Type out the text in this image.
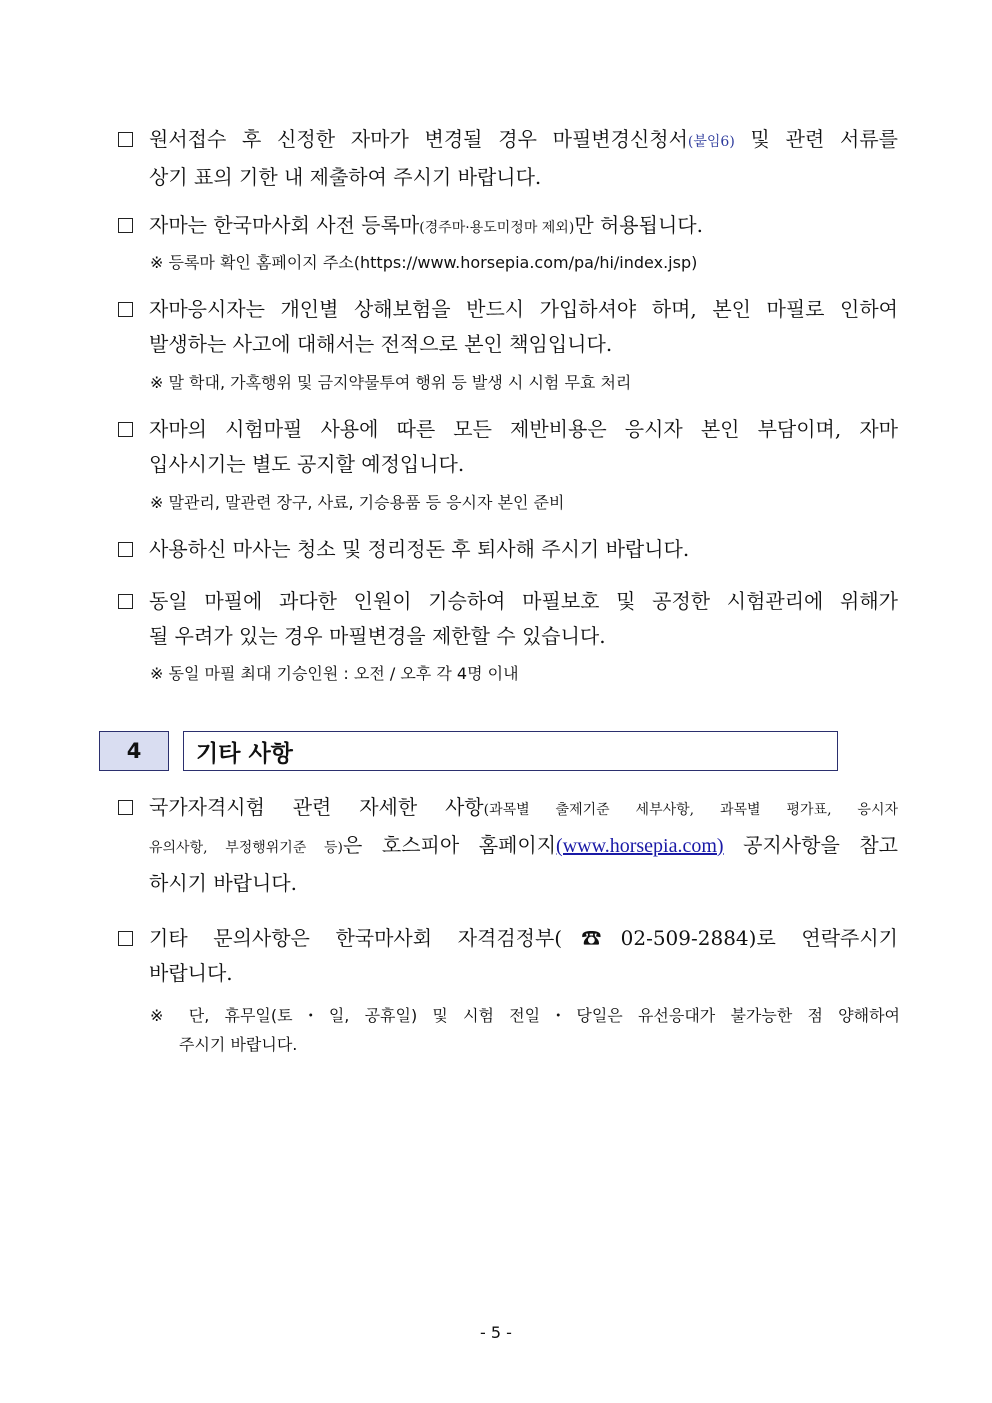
원서접수 후 신정한 자마가 변경될 경우 마필변경신청서(붙임6) 및 관련 서류를
상기 표의 기한 내 제출하여 주시기 바랍니다.
자마는 한국마사회 사전 등록마(경주마·용도미정마 제외)만 허용됩니다.
※ 등록마 확인 홈페이지 주소(https://www.horsepia.com/pa/hi/index.jsp)
자마응시자는 개인별 상해보험을 반드시 가입하셔야 하며, 본인 마필로 인하여
발생하는 사고에 대해서는 전적으로 본인 책임입니다.
※ 말 학대, 가혹행위 및 금지약물투여 행위 등 발생 시 시험 무효 처리
자마의 시험마필 사용에 따른 모든 제반비용은 응시자 본인 부담이며, 자마
입사시기는 별도 공지할 예정입니다.
※ 말관리, 말관련 장구, 사료, 기승용품 등 응시자 본인 준비
사용하신 마사는 청소 및 정리정돈 후 퇴사해 주시기 바랍니다.
동일 마필에 과다한 인원이 기승하여 마필보호 및 공정한 시험관리에 위해가
될 우려가 있는 경우 마필변경을 제한할 수 있습니다.
※ 동일 마필 최대 기승인원 : 오전 / 오후 각 4명 이내
4	기타 사항
국가자격시험 관련 자세한 사항(과목별 출제기준 세부사항, 과목별 평가표, 응시자
유의사항, 부정행위기준 등)은 호스피아 홈페이지(www.horsepia.com) 공지사항을 참고
하시기 바랍니다.
기타 문의사항은 한국마사회 자격검정부(☎02-509-2884)로 연락주시기
바랍니다.
※ 단, 휴무일(토・일, 공휴일) 및 시험 전일・당일은 유선응대가 불가능한 점 양해하여
주시기 바랍니다.
- 5 -
